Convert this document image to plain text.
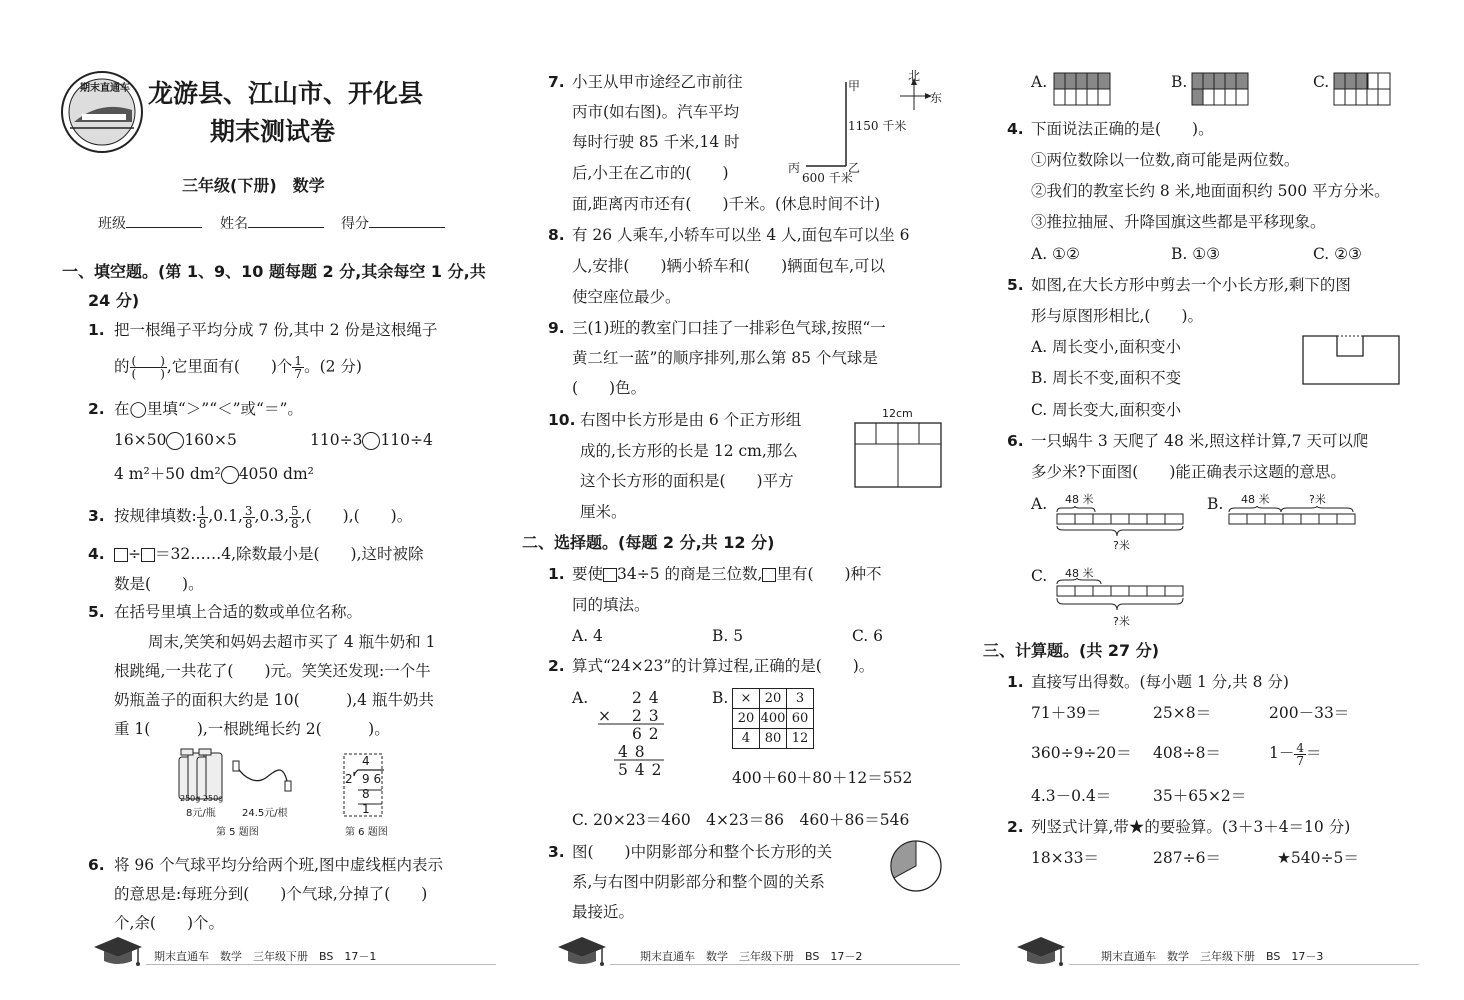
期末直通车 龙游县、江山市、开化县
期末测试卷
三年级(下册)　数学
班级	姓名	得分
一、填空题。(第 1、9、10 题每题 2 分,其余每空 1 分,共
24 分)
1. 把一根绳子平均分成 7 份,其中 2 份是这根绳子
的 $\frac{( )}{( )}$ ,它里面有(　　)个 $\frac{1}{7}$ 。(2 分)
2. 在◯里填“＞”“＜”或“＝”。
16×50 160×5	110÷3 110÷4
4 m²＋50 dm² 4050 dm²
3. 按规律填数: $\frac{1}{8} ,0.1$, $\frac{3}{8} ,0.3$, $\frac{5}{8}$ ,(　　),(　　)。
4.	÷ ＝32……4,除数最小是(　　),这时被除
数是(　　)。
5. 在括号里填上合适的数或单位名称。
周末,笑笑和妈妈去超市买了 4 瓶牛奶和 1
根跳绳,一共花了(　　)元。笑笑还发现:一个牛
奶瓶盖子的面积大约是 10(　　　),4 瓶牛奶共
重 1(　　　),一根跳绳长约 2(　　　)。
250g 250g
8元/瓶	24.5元/根
第 5 题图
4
2 9 6
8
1
第 6 题图
6. 将 96 个气球平均分给两个班,图中虚线框内表示
的意思是:每班分到(　　)个气球,分掉了(　　)
个,余(　　)个。
期末直通车　数学　三年级下册　BS　17－1
7. 小王从甲市途经乙市前往
丙市(如右图)。汽车平均
每时行驶 85 千米,14 时
后,小王在乙市的(　　)
面,距离丙市还有(　　)千米。(休息时间不计)
甲
乙
丙
1150 千米
600 千米
北
东
8. 有 26 人乘车,小轿车可以坐 4 人,面包车可以坐 6
人,安排(　　)辆小轿车和(　　)辆面包车,可以
使空座位最少。
9. 三(1)班的教室门口挂了一排彩色气球,按照“一
黄二红一蓝”的顺序排列,那么第 85 个气球是
(　　)色。
10. 右图中长方形是由 6 个正方形组
成的,长方形的长是 12 cm,那么
这个长方形的面积是(　　)平方
厘米。
12cm
二、选择题。(每题 2 分,共 12 分)
1. 要使 34÷5 的商是三位数, 里有(　　)种不
同的填法。
A. 4	B. 5	C. 6
2. 算式“24×23”的计算过程,正确的是(　　)。
A.	2 4
× 2 3
6 2
4 8
5 4 2
B. ×	20	3
20	400	60
4	80	12
400＋60＋80＋12＝552
C. 20×23＝460　4×23＝86　460＋86＝546
3. 图(　　)中阴影部分和整个长方形的关
系,与右图中阴影部分和整个圆的关系
最接近。
期末直通车　数学　三年级下册　BS　17－2
A.	B.	C.
4. 下面说法正确的是(　　)。
①两位数除以一位数,商可能是两位数。
②我们的教室长约 8 米,地面面积约 500 平方分米。
③推拉抽屉、升降国旗这些都是平移现象。
A. ①②	B. ①③	C. ②③
5. 如图,在大长方形中剪去一个小长方形,剩下的图
形与原图形相比,(　　)。
A. 周长变小,面积变小
B. 周长不变,面积不变
C. 周长变大,面积变小
6. 一只蜗牛 3 天爬了 48 米,照这样计算,7 天可以爬
多少米?下面图(　　)能正确表示这题的意思。
A. 48 米
?米
B. 48 米	?米
C. 48 米
?米
三、计算题。(共 27 分)
1. 直接写出得数。(每小题 1 分,共 8 分)
71＋39＝	25×8＝	200－33＝
360÷9÷20＝ 408÷8＝	$1- \frac{4}{7}$ ＝
4.3－0.4＝	35＋65×2＝
2. 列竖式计算,带★的要验算。(3＋3＋4＝10 分)
18×33＝	287÷6＝	★540÷5＝
期末直通车　数学　三年级下册　BS　17－3
